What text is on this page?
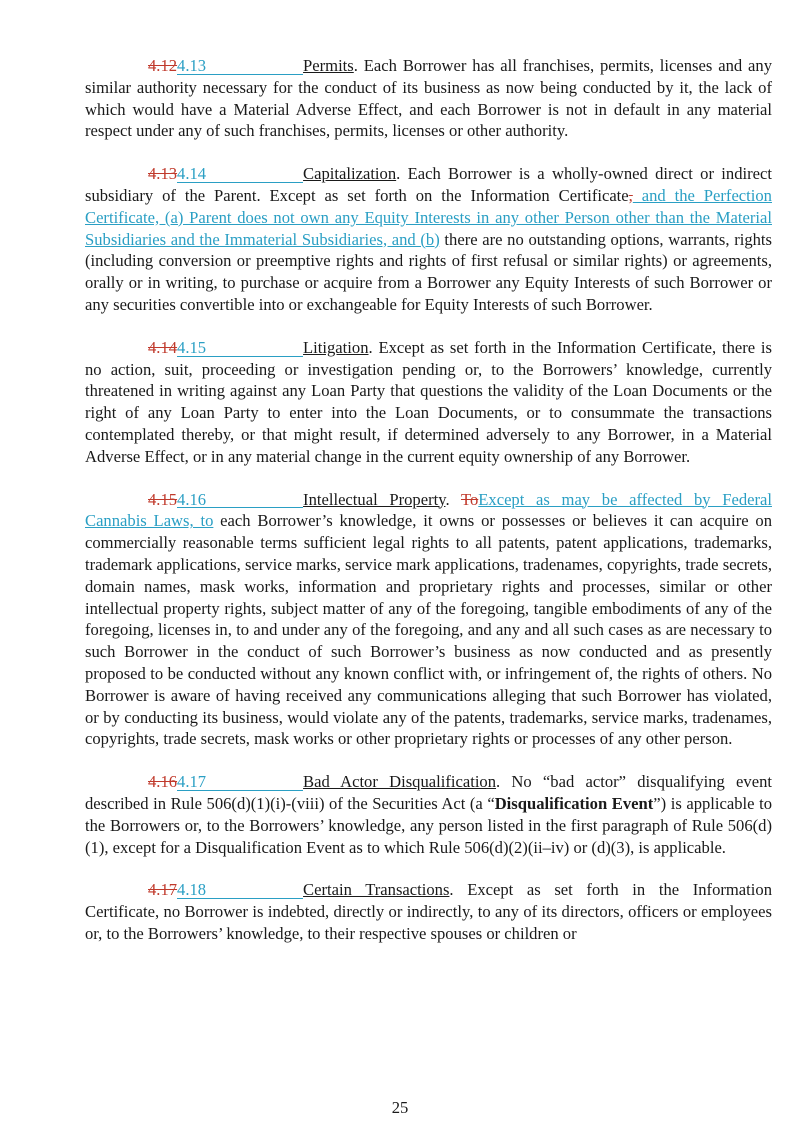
4.124.13	Permits. Each Borrower has all franchises, permits, licenses and any similar authority necessary for the conduct of its business as now being conducted by it, the lack of which would have a Material Adverse Effect, and each Borrower is not in default in any material respect under any of such franchises, permits, licenses or other authority.

4.134.14	Capitalization. Each Borrower is a wholly-owned direct or indirect subsidiary of the Parent. Except as set forth on the Information Certificate, and the Perfection Certificate, (a) Parent does not own any Equity Interests in any other Person other than the Material Subsidiaries and the Immaterial Subsidiaries, and (b) there are no outstanding options, warrants, rights (including conversion or preemptive rights and rights of first refusal or similar rights) or agreements, orally or in writing, to purchase or acquire from a Borrower any Equity Interests of such Borrower or any securities convertible into or exchangeable for Equity Interests of such Borrower.

4.144.15	Litigation. Except as set forth in the Information Certificate, there is no action, suit, proceeding or investigation pending or, to the Borrowers’ knowledge, currently threatened in writing against any Loan Party that questions the validity of the Loan Documents or the right of any Loan Party to enter into the Loan Documents, or to consummate the transactions contemplated thereby, or that might result, if determined adversely to any Borrower, in a Material Adverse Effect, or in any material change in the current equity ownership of any Borrower.

4.154.16	Intellectual Property. ToExcept as may be affected by Federal Cannabis Laws, to each Borrower’s knowledge, it owns or possesses or believes it can acquire on commercially reasonable terms sufficient legal rights to all patents, patent applications, trademarks, trademark applications, service marks, service mark applications, tradenames, copyrights, trade secrets, domain names, mask works, information and proprietary rights and processes, similar or other intellectual property rights, subject matter of any of the foregoing, tangible embodiments of any of the foregoing, licenses in, to and under any of the foregoing, and any and all such cases as are necessary to such Borrower in the conduct of such Borrower’s business as now conducted and as presently proposed to be conducted without any known conflict with, or infringement of, the rights of others. No Borrower is aware of having received any communications alleging that such Borrower has violated, or by conducting its business, would violate any of the patents, trademarks, service marks, tradenames, copyrights, trade secrets, mask works or other proprietary rights or processes of any other person.

4.164.17	Bad Actor Disqualification. No “bad actor” disqualifying event described in Rule 506(d)(1)(i)-(viii) of the Securities Act (a “Disqualification Event”) is applicable to the Borrowers or, to the Borrowers’ knowledge, any person listed in the first paragraph of Rule 506(d)(1), except for a Disqualification Event as to which Rule 506(d)(2)(ii–iv) or (d)(3), is applicable.

4.174.18	Certain Transactions. Except as set forth in the Information Certificate, no Borrower is indebted, directly or indirectly, to any of its directors, officers or employees or, to the Borrowers’ knowledge, to their respective spouses or children or

25
